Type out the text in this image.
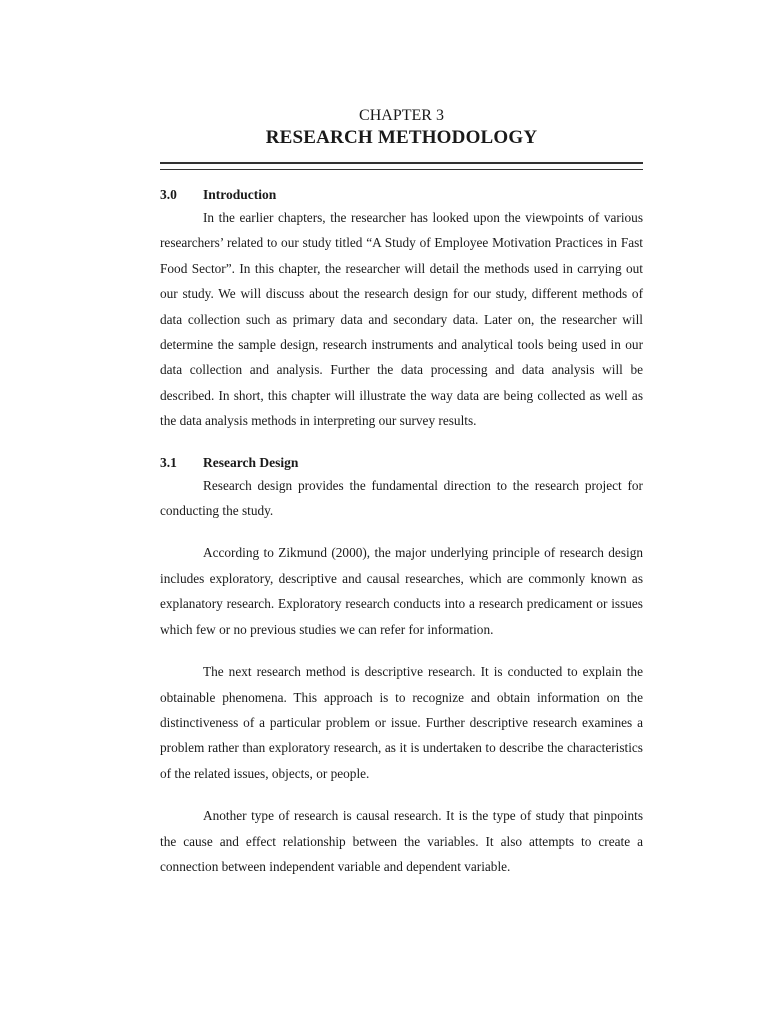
CHAPTER 3
RESEARCH METHODOLOGY
3.0	Introduction

In the earlier chapters, the researcher has looked upon the viewpoints of various researchers’ related to our study titled “A Study of Employee Motivation Practices in Fast Food Sector”. In this chapter, the researcher will detail the methods used in carrying out our study. We will discuss about the research design for our study, different methods of data collection such as primary data and secondary data. Later on, the researcher will determine the sample design, research instruments and analytical tools being used in our data collection and analysis. Further the data processing and data analysis will be described. In short, this chapter will illustrate the way data are being collected as well as the data analysis methods in interpreting our survey results.

3.1	Research Design

Research design provides the fundamental direction to the research project for conducting the study.

According to Zikmund (2000), the major underlying principle of research design includes exploratory, descriptive and causal researches, which are commonly known as explanatory research. Exploratory research conducts into a research predicament or issues which few or no previous studies we can refer for information.

The next research method is descriptive research. It is conducted to explain the obtainable phenomena. This approach is to recognize and obtain information on the distinctiveness of a particular problem or issue. Further descriptive research examines a problem rather than exploratory research, as it is undertaken to describe the characteristics of the related issues, objects, or people.

Another type of research is causal research. It is the type of study that pinpoints the cause and effect relationship between the variables. It also attempts to create a connection between independent variable and dependent variable.
